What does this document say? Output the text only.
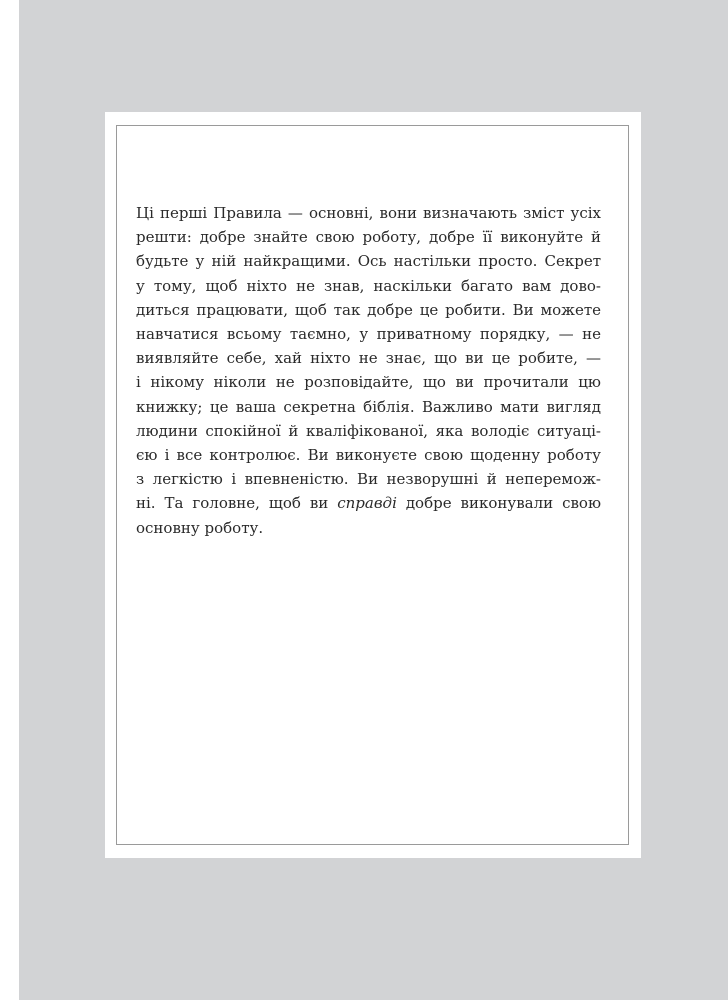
Ці перші Правила — основні, вони визначають зміст усіх
решти: добре знайте свою роботу, добре її виконуйте й
будьте у ній найкращими. Ось настільки просто. Секрет
у тому, щоб ніхто не знав, наскільки багато вам дово-
диться працювати, щоб так добре це робити. Ви можете
навчатися всьому таємно, у приватному порядку, — не
виявляйте себе, хай ніхто не знає, що ви це робите, —
і нікому ніколи не розповідайте, що ви прочитали цю
книжку; це ваша секретна біблія. Важливо мати вигляд
людини спокійної й кваліфікованої, яка володіє ситуаці-
єю і все контролює. Ви виконуєте свою щоденну роботу
з легкістю і впевненістю. Ви незворушні й неперемож-
ні. Та головне, щоб ви справді добре виконували свою
основну роботу.
